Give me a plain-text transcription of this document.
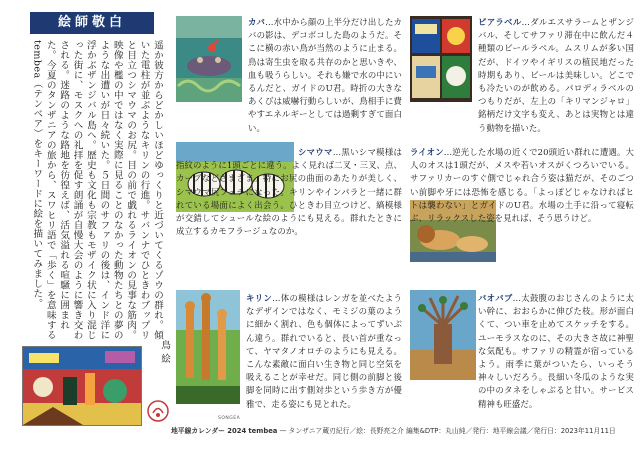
絵師敬白
遥か彼方からどかしいほどゆっくりと近づいてくるゾウの群れ。傾いた電柱が並ぶようなキリンの行進。サバンナでひときわブップリと目立つシマウマのお尻。目の前で戯れるライオンの見事な筋肉。映像や檻の中ではなく実際に見ることのなかった動物たちとの夢のような出遭いが日々続いた。５日間のサファリの後は、インド洋に浮かぶザンジバル島へ。歴史も文化も宗教もモザイク状に入り混じった街に、モスクへの礼拝を促す朗誦が自慢大会のように響き交わされる。迷路のような路地を彷徨えば、活気溢れる喧騒に囲まれた。今夏のタンザニアの旅から、スワヒリ語で「歩く」を意味するtembea（テンベア）をキーワードに絵を描いてみました。
鳥 絵
カバ…水中から顔の上半分だけ出したカバの影は、デコボコした島のようだ。そこに横の赤い鳥が当然のように止まる。鳥は寄生虫を取る共存のかと思いきや、血も吸うらしい。それも嫌で水の中にいるんだと、ガイドのU君。時折の大きなあくびは威嚇行動らしいが、鳥相手に費やすエネルギーとしては過剰すぎて面白い。
ビアラベル…ダルエスサラームとザンジバル、そしてサファリ滞在中に飲んだ４種類のビールラベル。ムスリムが多い国だが、ドイツやイギリスの植民地だった時期もあり、ビールは美味しい。どこでも冷たいのが飲める。パロディラベルのつもりだが、左上の「キリマンジャロ」銘柄だけ文字も変え、あとは実物とは違う動物を描いた。
シマウマ…黒いシマ模様は指紋のように1頭ごとに違う。よく見れば二叉・三叉、点、カーブなどさまざま。特にお尻の曲面のあたりが美しく、シマウマ尻フェチになった。キリンやインパラと一緒に群れている場面によく出会う。ひときわ目立つけど、縞模様が交錯してシュールな絵のようにも見える。群れたときに成立するカモフラージュなのか。
ライオン…逆光した水場の近くで20頭近い群れに遭遇。大人のオスは1頭だが、メスや若いオスがくつろいでいる。サファリカーのすぐ側でじゃれ合う姿は猫だが、そのごつい前脚や牙には恐怖を感じる。「よっぽどじゃなければヒトは襲わない」とガイドのU君。水場の土手に沿って寝転ぶ、リラックスした姿を見れば、そう思うけど。
キリン…体の模様はレンガを並べたようなデザインではなく、モミジの葉のように細かく割れ、色も個体によってずいぶん違う。群れでいると、長い首が重なって、ヤマタノオロチのようにも見える。こんな素敵に面白い生き物と同じ空気を吸えることが幸せだ。同じ側の前脚と後脚を同時に出す側対歩という歩き方が優雅で、走る姿にも見とれた。
バオバブ…太鼓腹のおじさんのように太い幹に、おおらかに伸びた枝。形が面白くて、つい車を止めてスケッチをする。ユーモラスなのに、その大きさ故に神聖な気配も。サファリの精霊が宿っているよう。雨季に葉がついたら、いっそう神々しいだろう。長細い冬瓜のような実の中のタネをしゃぶると甘い。サービス精神も旺盛だ。
SONGEA
地平線カレンダー 2024 tembea — タンザニア蔵刃紀行／絵：長野亮之介 編集&DTP：丸山純／発行：地平線会議／発行日：2023年11月11日
